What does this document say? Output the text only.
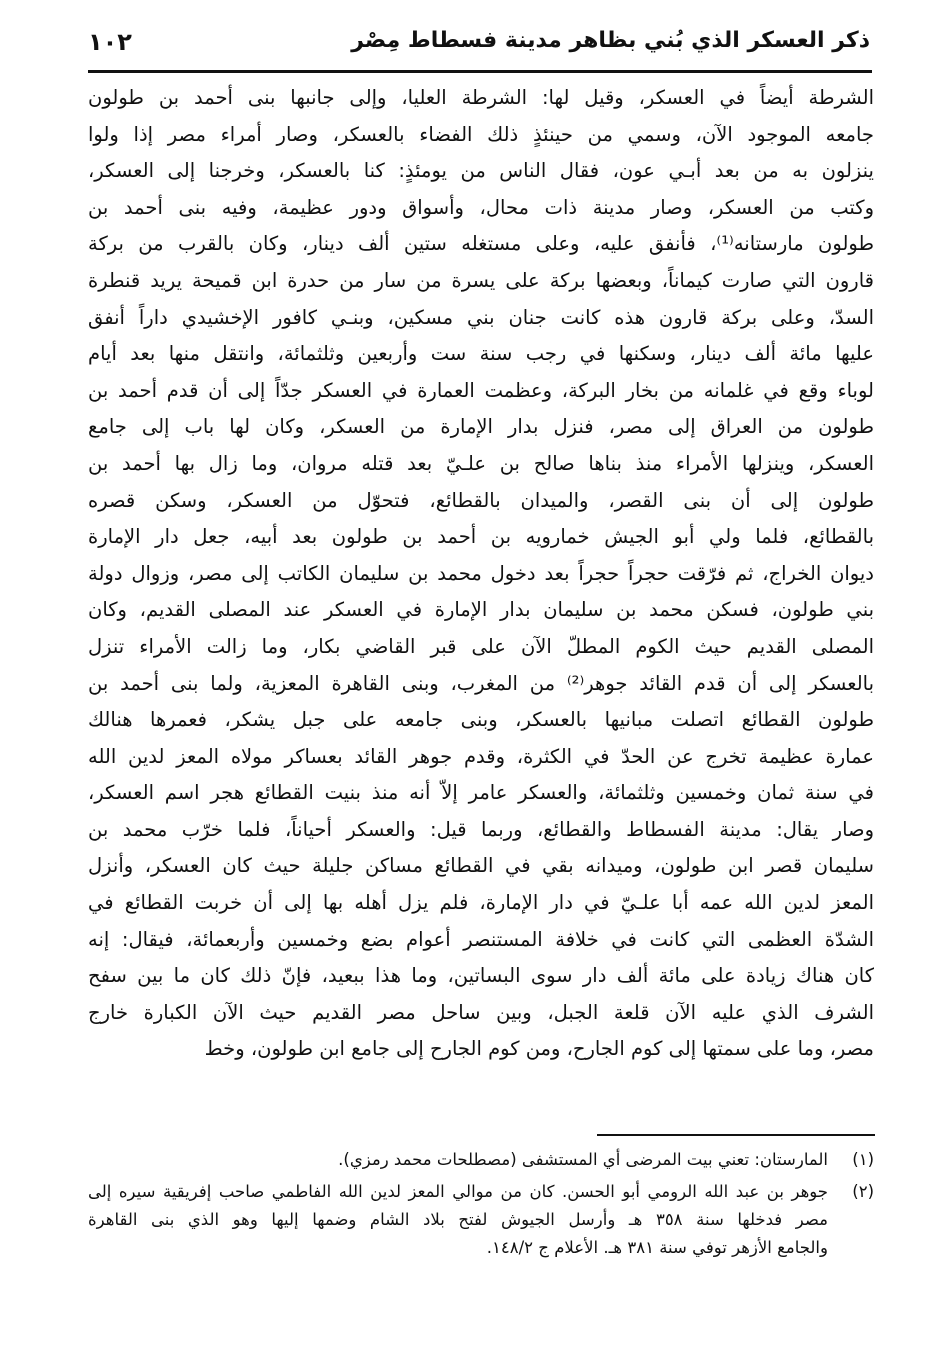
ذكر العسكر الذي بُني بظاهر مدينة فسطاط مِصْر
١٠٢
الشرطة أيضاً في العسكر، وقيل لها: الشرطة العليا، وإلى جانبها بنى أحمد بن طولون
جامعه الموجود الآن، وسمي من حينئذٍ ذلك الفضاء بالعسكر، وصار أمراء مصر إذا ولوا
ينزلون به من بعد أبـي عون، فقال الناس من يومئذٍ: كنا بالعسكر، وخرجنا إلى العسكر،
وكتب من العسكر، وصار مدينة ذات محال، وأسواق ودور عظيمة، وفيه بنى أحمد بن
طولون مارستانه⁽¹⁾، فأنفق عليه، وعلى مستغله ستين ألف دينار، وكان بالقرب من بركة
قارون التي صارت كيماناً، وبعضها بركة على يسرة من سار من حدرة ابن قميحة يريد قنطرة
السدّ، وعلى بركة قارون هذه كانت جنان بني مسكين، وبنـي كافور الإخشيدي داراً أنفق
عليها مائة ألف دينار، وسكنها في رجب سنة ست وأربعين وثلثمائة، وانتقل منها بعد أيام
لوباء وقع في غلمانه من بخار البركة، وعظمت العمارة في العسكر جدّاً إلى أن قدم أحمد بن
طولون من العراق إلى مصر، فنزل بدار الإمارة من العسكر، وكان لها باب إلى جامع
العسكر، وينزلها الأمراء منذ بناها صالح بن علـيّ بعد قتله مروان، وما زال بها أحمد بن
طولون إلى أن بنى القصر، والميدان بالقطائع، فتحوّل من العسكر، وسكن قصره
بالقطائع، فلما ولي أبو الجيش خمارويه بن أحمد بن طولون بعد أبيه، جعل دار الإمارة
ديوان الخراج، ثم فرّقت حجراً حجراً بعد دخول محمد بن سليمان الكاتب إلى مصر، وزوال دولة
بني طولون، فسكن محمد بن سليمان بدار الإمارة في العسكر عند المصلى القديم، وكان
المصلى القديم حيث الكوم المطلّ الآن على قبر القاضي بكار، وما زالت الأمراء تنزل
بالعسكر إلى أن قدم القائد جوهر⁽²⁾ من المغرب، وبنى القاهرة المعزية، ولما بنى أحمد بن
طولون القطائع اتصلت مبانيها بالعسكر، وبنى جامعه على جبل يشكر، فعمرها هنالك
عمارة عظيمة تخرج عن الحدّ في الكثرة، وقدم جوهر القائد بعساكر مولاه المعز لدين الله
في سنة ثمان وخمسين وثلثمائة، والعسكر عامر إلاّ أنه منذ بنيت القطائع هجر اسم العسكر،
وصار يقال: مدينة الفسطاط والقطائع، وربما قيل: والعسكر أحياناً، فلما خرّب محمد بن
سليمان قصر ابن طولون، وميدانه بقي في القطائع مساكن جليلة حيث كان العسكر، وأنزل
المعز لدين الله عمه أبا علـيّ في دار الإمارة، فلم يزل أهله بها إلى أن خربت القطائع في
الشدّة العظمى التي كانت في خلافة المستنصر أعوام بضع وخمسين وأربعمائة، فيقال: إنه
كان هناك زيادة على مائة ألف دار سوى البساتين، وما هذا ببعيد، فإنّ ذلك كان ما بين سفح
الشرف الذي عليه الآن قلعة الجبل، وبين ساحل مصر القديم حيث الآن الكبارة خارج
مصر، وما على سمتها إلى كوم الجارح، ومن كوم الجارح إلى جامع ابن طولون، وخط
(١)
المارستان: تعني بيت المرضى أي المستشفى (مصطلحات محمد رمزي).
(٢)
جوهر بن عبد الله الرومي أبو الحسن. كان من موالي المعز لدين الله الفاطمي صاحب إفريقية سيره إلى
مصر فدخلها سنة ٣٥٨ هـ وأرسل الجيوش لفتح بلاد الشام وضمها إليها وهو الذي بنى القاهرة
والجامع الأزهر توفي سنة ٣٨١ هـ. الأعلام ج ١٤٨/٢.
